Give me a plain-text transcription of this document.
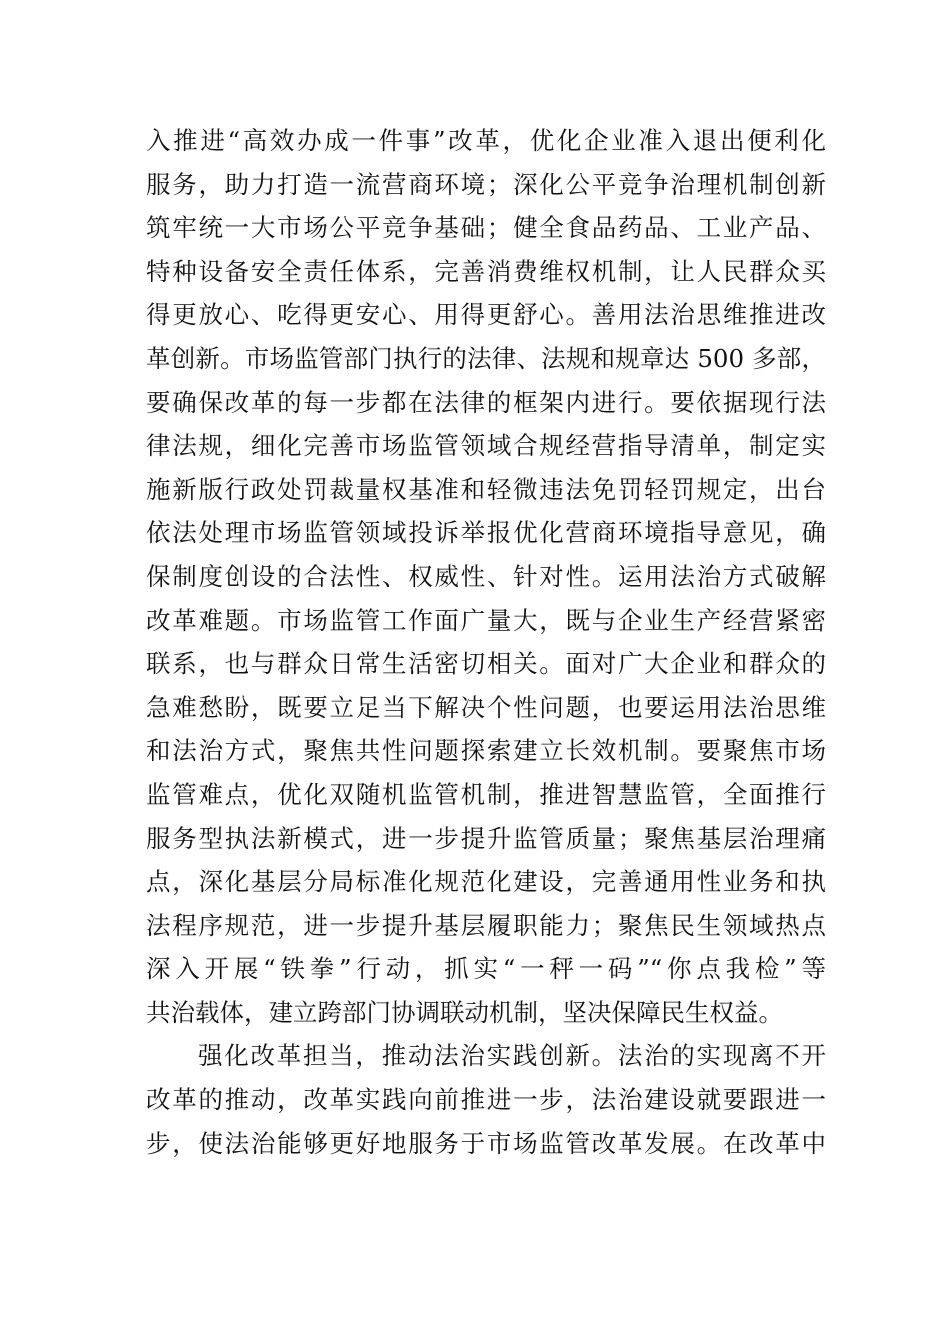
入推进“高效办成一件事”改革，优化企业准入退出便利化
服务，助力打造一流营商环境；深化公平竞争治理机制创新
筑牢统一大市场公平竞争基础；健全食品药品、工业产品、
特种设备安全责任体系，完善消费维权机制，让人民群众买
得更放心、吃得更安心、用得更舒心。善用法治思维推进改
革创新。市场监管部门执行的法律、法规和规章达 500 多部，
要确保改革的每一步都在法律的框架内进行。要依据现行法
律法规，细化完善市场监管领域合规经营指导清单，制定实
施新版行政处罚裁量权基准和轻微违法免罚轻罚规定，出台
依法处理市场监管领域投诉举报优化营商环境指导意见，确
保制度创设的合法性、权威性、针对性。运用法治方式破解
改革难题。市场监管工作面广量大，既与企业生产经营紧密
联系，也与群众日常生活密切相关。面对广大企业和群众的
急难愁盼，既要立足当下解决个性问题，也要运用法治思维
和法治方式，聚焦共性问题探索建立长效机制。要聚焦市场
监管难点，优化双随机监管机制，推进智慧监管，全面推行
服务型执法新模式，进一步提升监管质量；聚焦基层治理痛
点，深化基层分局标准化规范化建设，完善通用性业务和执
法程序规范，进一步提升基层履职能力；聚焦民生领域热点
深入开展“铁拳”行动，抓实“一秤一码”“你点我检”等
共治载体，建立跨部门协调联动机制，坚决保障民生权益。
强化改革担当，推动法治实践创新。法治的实现离不开
改革的推动，改革实践向前推进一步，法治建设就要跟进一
步，使法治能够更好地服务于市场监管改革发展。在改革中
